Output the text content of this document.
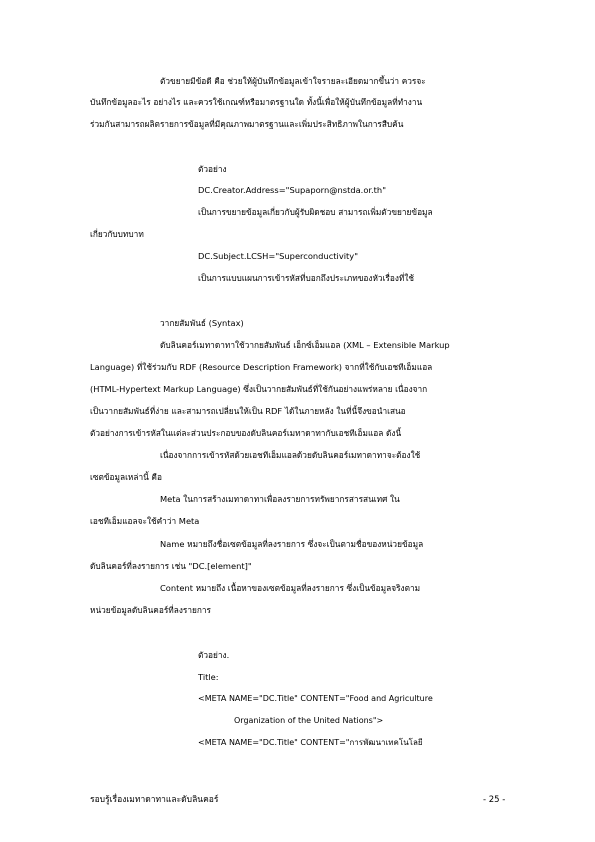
ตัวขยายมีข้อดี คือ ช่วยให้ผู้บันทึกข้อมูลเข้าใจรายละเอียดมากขึ้นว่า ควรจะ
บันทึกข้อมูลอะไร อย่างไร และควรใช้เกณฑ์หรือมาตรฐานใด ทั้งนี้เพื่อให้ผู้บันทึกข้อมูลที่ทำงาน
ร่วมกันสามารถผลิตรายการข้อมูลที่มีคุณภาพมาตรฐานและเพิ่มประสิทธิภาพในการสืบค้น
ตัวอย่าง
DC.Creator.Address="Supaporn@nstda.or.th"
เป็นการขยายข้อมูลเกี่ยวกับผู้รับผิดชอบ สามารถเพิ่มตัวขยายข้อมูล
เกี่ยวกับบทบาท
DC.Subject.LCSH="Superconductivity"
เป็นการแบบแผนการเข้ารหัสที่บอกถึงประเภทของหัวเรื่องที่ใช้
วากยสัมพันธ์ (Syntax)
ดับลินคอร์เมทาดาทาใช้วากยสัมพันธ์ เอ็กซ์เอ็มแอล (XML – Extensible Markup
Language) ที่ใช้ร่วมกับ RDF (Resource Description Framework) จากที่ใช้กับเอชทีเอ็มแอล
(HTML-Hypertext Markup Language) ซึ่งเป็นวากยสัมพันธ์ที่ใช้กันอย่างแพร่หลาย เนื่องจาก
เป็นวากยสัมพันธ์ที่ง่าย และสามารถเปลี่ยนให้เป็น RDF ได้ในภายหลัง ในที่นี้จึงขอนำเสนอ
ตัวอย่างการเข้ารหัสในแต่ละส่วนประกอบของดับลินคอร์เมทาดาทากับเอชทีเอ็มแอล ดังนี้
เนื่องจากการเข้ารหัสด้วยเอชทีเอ็มแอลด้วยดับลินคอร์เมทาดาทาจะต้องใช้
เซตข้อมูลเหล่านี้ คือ
Meta ในการสร้างเมทาดาทาเพื่อลงรายการทรัพยากรสารสนเทศ ใน
เอชทีเอ็มแอลจะใช้คำว่า Meta
Name หมายถึงชื่อเซตข้อมูลที่ลงรายการ ซึ่งจะเป็นตามชื่อของหน่วยข้อมูล
ดับลินคอร์ที่ลงรายการ เช่น "DC.[element]"
Content หมายถึง เนื้อหาของเซตข้อมูลที่ลงรายการ ซึ่งเป็นข้อมูลจริงตาม
หน่วยข้อมูลดับลินคอร์ที่ลงรายการ
ตัวอย่าง.
Title:
<META NAME="DC.Title" CONTENT="Food and Agriculture
Organization of the United Nations">
<META NAME="DC.Title" CONTENT="การพัฒนาเทคโนโลยี
รอบรู้เรื่องเมทาดาทาและดับลินคอร์	- 25 -
